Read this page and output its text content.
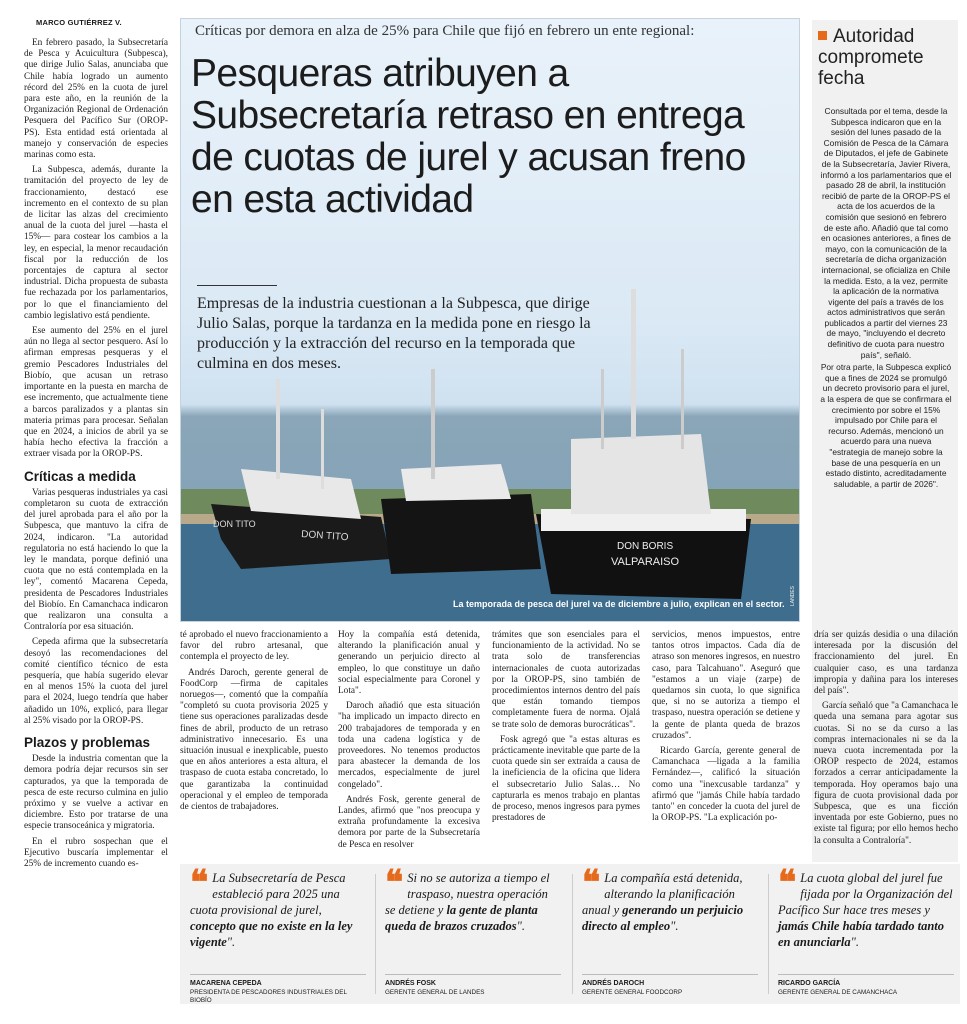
MARCO GUTIÉRREZ V.

En febrero pasado, la Subsecretaría de Pesca y Acuicultura (Subpesca), que dirige Julio Salas, anunciaba que Chile había logrado un aumento récord del 25% en la cuota de jurel para este año, en la reunión de la Organización Regional de Ordenación Pesquera del Pacífico Sur (OROP-PS). Esta entidad está orientada al manejo y conservación de especies marinas como esta.

La Subpesca, además, durante la tramitación del proyecto de ley de fraccionamiento, destacó ese incremento en el contexto de su plan de licitar las alzas del crecimiento anual de la cuota del jurel —hasta el 15%— para costear los cambios a la ley, en especial, la menor recaudación fiscal por la reducción de los porcentajes de captura al sector industrial. Dicha propuesta de subasta fue rechazada por los parlamentarios, por lo que el financiamiento del cambio legislativo está pendiente.

Ese aumento del 25% en el jurel aún no llega al sector pesquero. Así lo afirman empresas pesqueras y el gremio Pescadores Industriales del Biobío, que acusan un retraso importante en la puesta en marcha de ese incremento, que actualmente tiene a barcos paralizados y a plantas sin materia primas para procesar. Señalan que en 2024, a inicios de abril ya se había hecho efectiva la fracción a extraer visada por la OROP-PS.

Críticas a medida

Varias pesqueras industriales ya casi completaron su cuota de extracción del jurel aprobada para el año por la Subpesca, que mantuvo la cifra de 2024, indicaron. "La autoridad regulatoria no está haciendo lo que la ley le mandata, porque definió una cuota que no está contemplada en la ley", comentó Macarena Cepeda, presidenta de Pescadores Industriales del Biobío. En Camanchaca indicaron que realizaron una consulta a Contraloría por esa situación.

Cepeda afirma que la subsecretaría desoyó las recomendaciones del comité científico técnico de esta pesquería, que había sugerido elevar en al menos 15% la cuota del jurel para el 2024, luego tendría que haber añadido un 10%, explicó, para llegar al 25% visado por la OROP-PS.

Plazos y problemas

Desde la industria comentan que la demora podría dejar recursos sin ser capturados, ya que la temporada de pesca de este recurso culmina en julio próximo y se vuelve a activar en diciembre. Esto por tratarse de una especie transoceánica y migratoria.

En el rubro sospechan que el Ejecutivo buscaría implementar el 25% de incremento cuando es-

DON TITO
DON TITO
DON BORIS
VALPARAISO
Críticas por demora en alza de 25% para Chile que fijó en febrero un ente regional:
Pesqueras atribuyen a Subsecretaría retraso en entrega de cuotas de jurel y acusan freno en esta actividad
Empresas de la industria cuestionan a la Subpesca, que dirige Julio Salas, porque la tardanza en la medida pone en riesgo la producción y la extracción del recurso en la temporada que culmina en dos meses.
La temporada de pesca del jurel va de diciembre a julio, explican en el sector. LANDES

té aprobado el nuevo fraccionamiento a favor del rubro artesanal, que contempla el proyecto de ley.

Andrés Daroch, gerente general de FoodCorp —firma de capitales noruegos—, comentó que la compañía "completó su cuota provisoria 2025 y tiene sus operaciones paralizadas desde fines de abril, producto de un retraso administrativo innecesario. Es una situación inusual e inexplicable, puesto que en años anteriores a esta altura, el traspaso de cuota estaba concretado, lo que garantizaba la continuidad operacional y el empleo de temporada de cientos de trabajadores.

Hoy la compañía está detenida, alterando la planificación anual y generando un perjuicio directo al empleo, lo que constituye un daño social especialmente para Coronel y Lota".

Daroch añadió que esta situación "ha implicado un impacto directo en 200 trabajadores de temporada y en toda una cadena logística y de proveedores. No tenemos productos para abastecer la demanda de los mercados, especialmente de jurel congelado".

Andrés Fosk, gerente general de Landes, afirmó que "nos preocupa y extraña profundamente la excesiva demora por parte de la Subsecretaría de Pesca en resolver

trámites que son esenciales para el funcionamiento de la actividad. No se trata solo de transferencias internacionales de cuota autorizadas por la OROP-PS, sino también de procedimientos internos dentro del país que están tomando tiempos completamente fuera de norma. Ojalá se trate solo de demoras burocráticas".

Fosk agregó que "a estas alturas es prácticamente inevitable que parte de la cuota quede sin ser extraída a causa de la ineficiencia de la oficina que lidera el subsecretario Julio Salas… No capturarla es menos trabajo en plantas de proceso, menos ingresos para pymes prestadores de

servicios, menos impuestos, entre tantos otros impactos. Cada día de atraso son menores ingresos, en nuestro caso, para Talcahuano". Aseguró que "estamos a un viaje (zarpe) de quedarnos sin cuota, lo que significa que, si no se autoriza a tiempo el traspaso, nuestra operación se detiene y la gente de planta queda de brazos cruzados".

Ricardo García, gerente general de Camanchaca —ligada a la familia Fernández—, calificó la situación como una "inexcusable tardanza" y afirmó que "jamás Chile había tardado tanto" en conceder la cuota del jurel de la OROP-PS. "La explicación po-

Autoridad compromete fecha

Consultada por el tema, desde la Subpesca indicaron que en la sesión del lunes pasado de la Comisión de Pesca de la Cámara de Diputados, el jefe de Gabinete de la Subsecretaría, Javier Rivera, informó a los parlamentarios que el pasado 28 de abril, la institución recibió de parte de la OROP-PS el acta de los acuerdos de la comisión que sesionó en febrero de este año. Añadió que tal como en ocasiones anteriores, a fines de mayo, con la comunicación de la secretaría de dicha organización internacional, se oficializa en Chile la medida. Esto, a la vez, permite la aplicación de la normativa vigente del país a través de los actos administrativos que serán publicados a partir del viernes 23 de mayo, "incluyendo el decreto definitivo de cuota para nuestro país", señaló.

Por otra parte, la Subpesca explicó que a fines de 2024 se promulgó un decreto provisorio para el jurel, a la espera de que se confirmara el crecimiento por sobre el 15% impulsado por Chile para el recurso. Además, mencionó un acuerdo para una nueva "estrategia de manejo sobre la base de una pesquería en un estado distinto, acreditadamente saludable, a partir de 2026".

dría ser quizás desidia o una dilación interesada por la discusión del fraccionamiento del jurel. En cualquier caso, es una tardanza impropia y dañina para los intereses del país".

García señaló que "a Camanchaca le queda una semana para agotar sus cuotas. Si no se da curso a las compras internacionales ni se da la nueva cuota incrementada por la OROP respecto de 2024, estamos forzados a cerrar anticipadamente la temporada. Hoy operamos bajo una figura de cuota provisional dada por Subpesca, que es una ficción inventada por este Gobierno, pues no existe tal figura; por ello hemos hecho la consulta a Contraloría".

❝ La Subsecretaría de Pesca estableció para 2025 una cuota provisional de jurel, concepto que no existe en la ley vigente".
MACARENA CEPEDA
PRESIDENTA DE PESCADORES INDUSTRIALES DEL BIOBÍO
❝ Si no se autoriza a tiempo el traspaso, nuestra operación se detiene y la gente de planta queda de brazos cruzados".
ANDRÉS FOSK
GERENTE GENERAL DE LANDES
❝ La compañía está detenida, alterando la planificación anual y generando un perjuicio directo al empleo".
ANDRÉS DAROCH
GERENTE GENERAL FOODCORP
❝ La cuota global del jurel fue fijada por la Organización del Pacífico Sur hace tres meses y jamás Chile había tardado tanto en anunciarla".
RICARDO GARCÍA
GERENTE GENERAL DE CAMANCHACA
